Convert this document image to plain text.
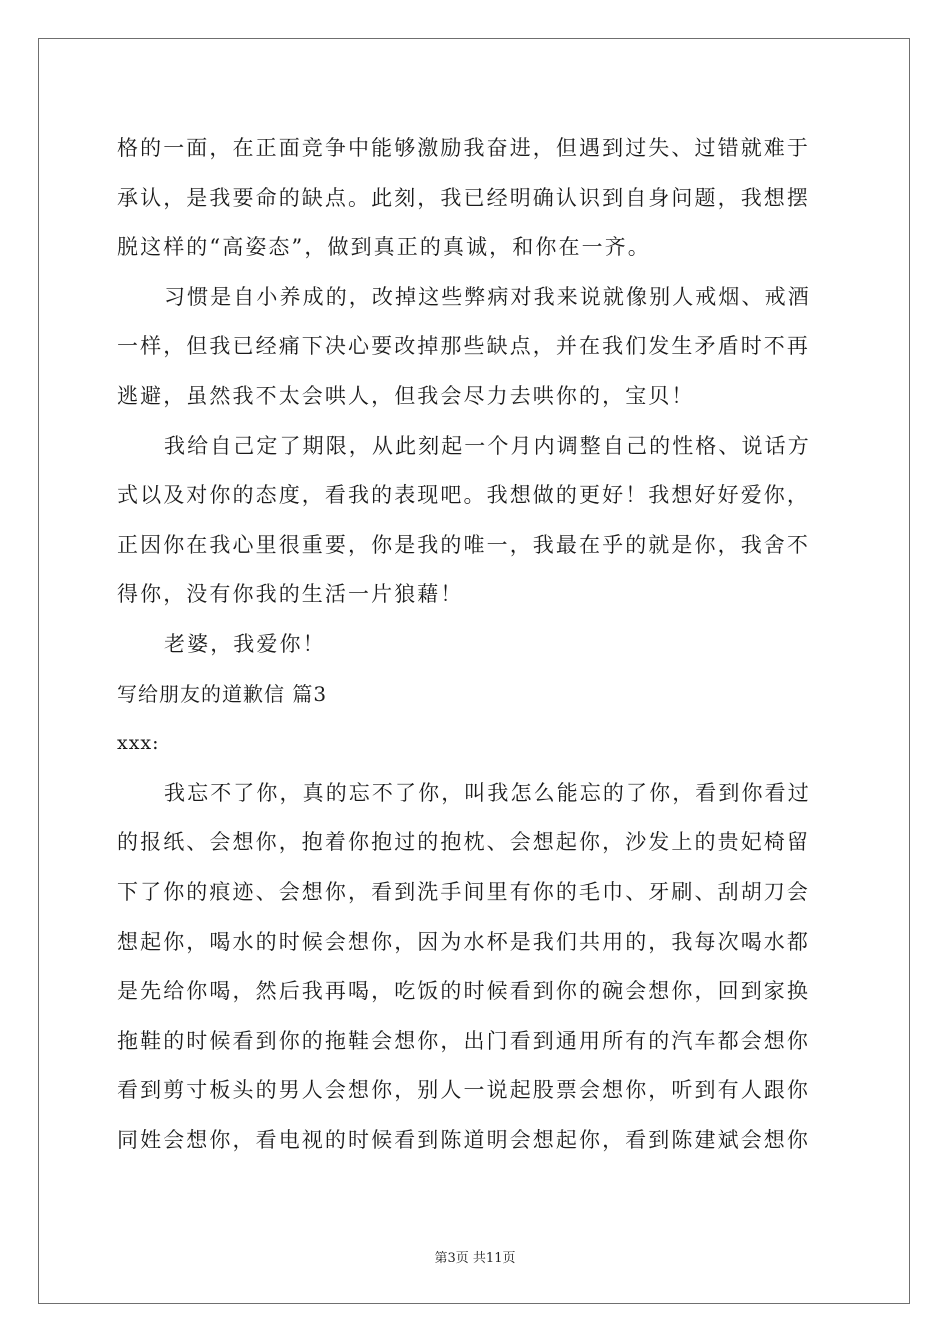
格的一面，在正面竞争中能够激励我奋进，但遇到过失、过错就难于
承认，是我要命的缺点。此刻，我已经明确认识到自身问题，我想摆
脱这样的“高姿态”，做到真正的真诚，和你在一齐。
习惯是自小养成的，改掉这些弊病对我来说就像别人戒烟、戒酒
一样，但我已经痛下决心要改掉那些缺点，并在我们发生矛盾时不再
逃避，虽然我不太会哄人，但我会尽力去哄你的，宝贝！
我给自己定了期限，从此刻起一个月内调整自己的性格、说话方
式以及对你的态度，看我的表现吧。我想做的更好！我想好好爱你，
正因你在我心里很重要，你是我的唯一，我最在乎的就是你，我舍不
得你，没有你我的生活一片狼藉！
老婆，我爱你！
写给朋友的道歉信 篇3
xxx:
我忘不了你，真的忘不了你，叫我怎么能忘的了你，看到你看过
的报纸、会想你，抱着你抱过的抱枕、会想起你，沙发上的贵妃椅留
下了你的痕迹、会想你，看到洗手间里有你的毛巾、牙刷、刮胡刀会
想起你，喝水的时候会想你，因为水杯是我们共用的，我每次喝水都
是先给你喝，然后我再喝，吃饭的时候看到你的碗会想你，回到家换
拖鞋的时候看到你的拖鞋会想你，出门看到通用所有的汽车都会想你
看到剪寸板头的男人会想你，别人一说起股票会想你，听到有人跟你
同姓会想你，看电视的时候看到陈道明会想起你，看到陈建斌会想你
第3页 共11页
